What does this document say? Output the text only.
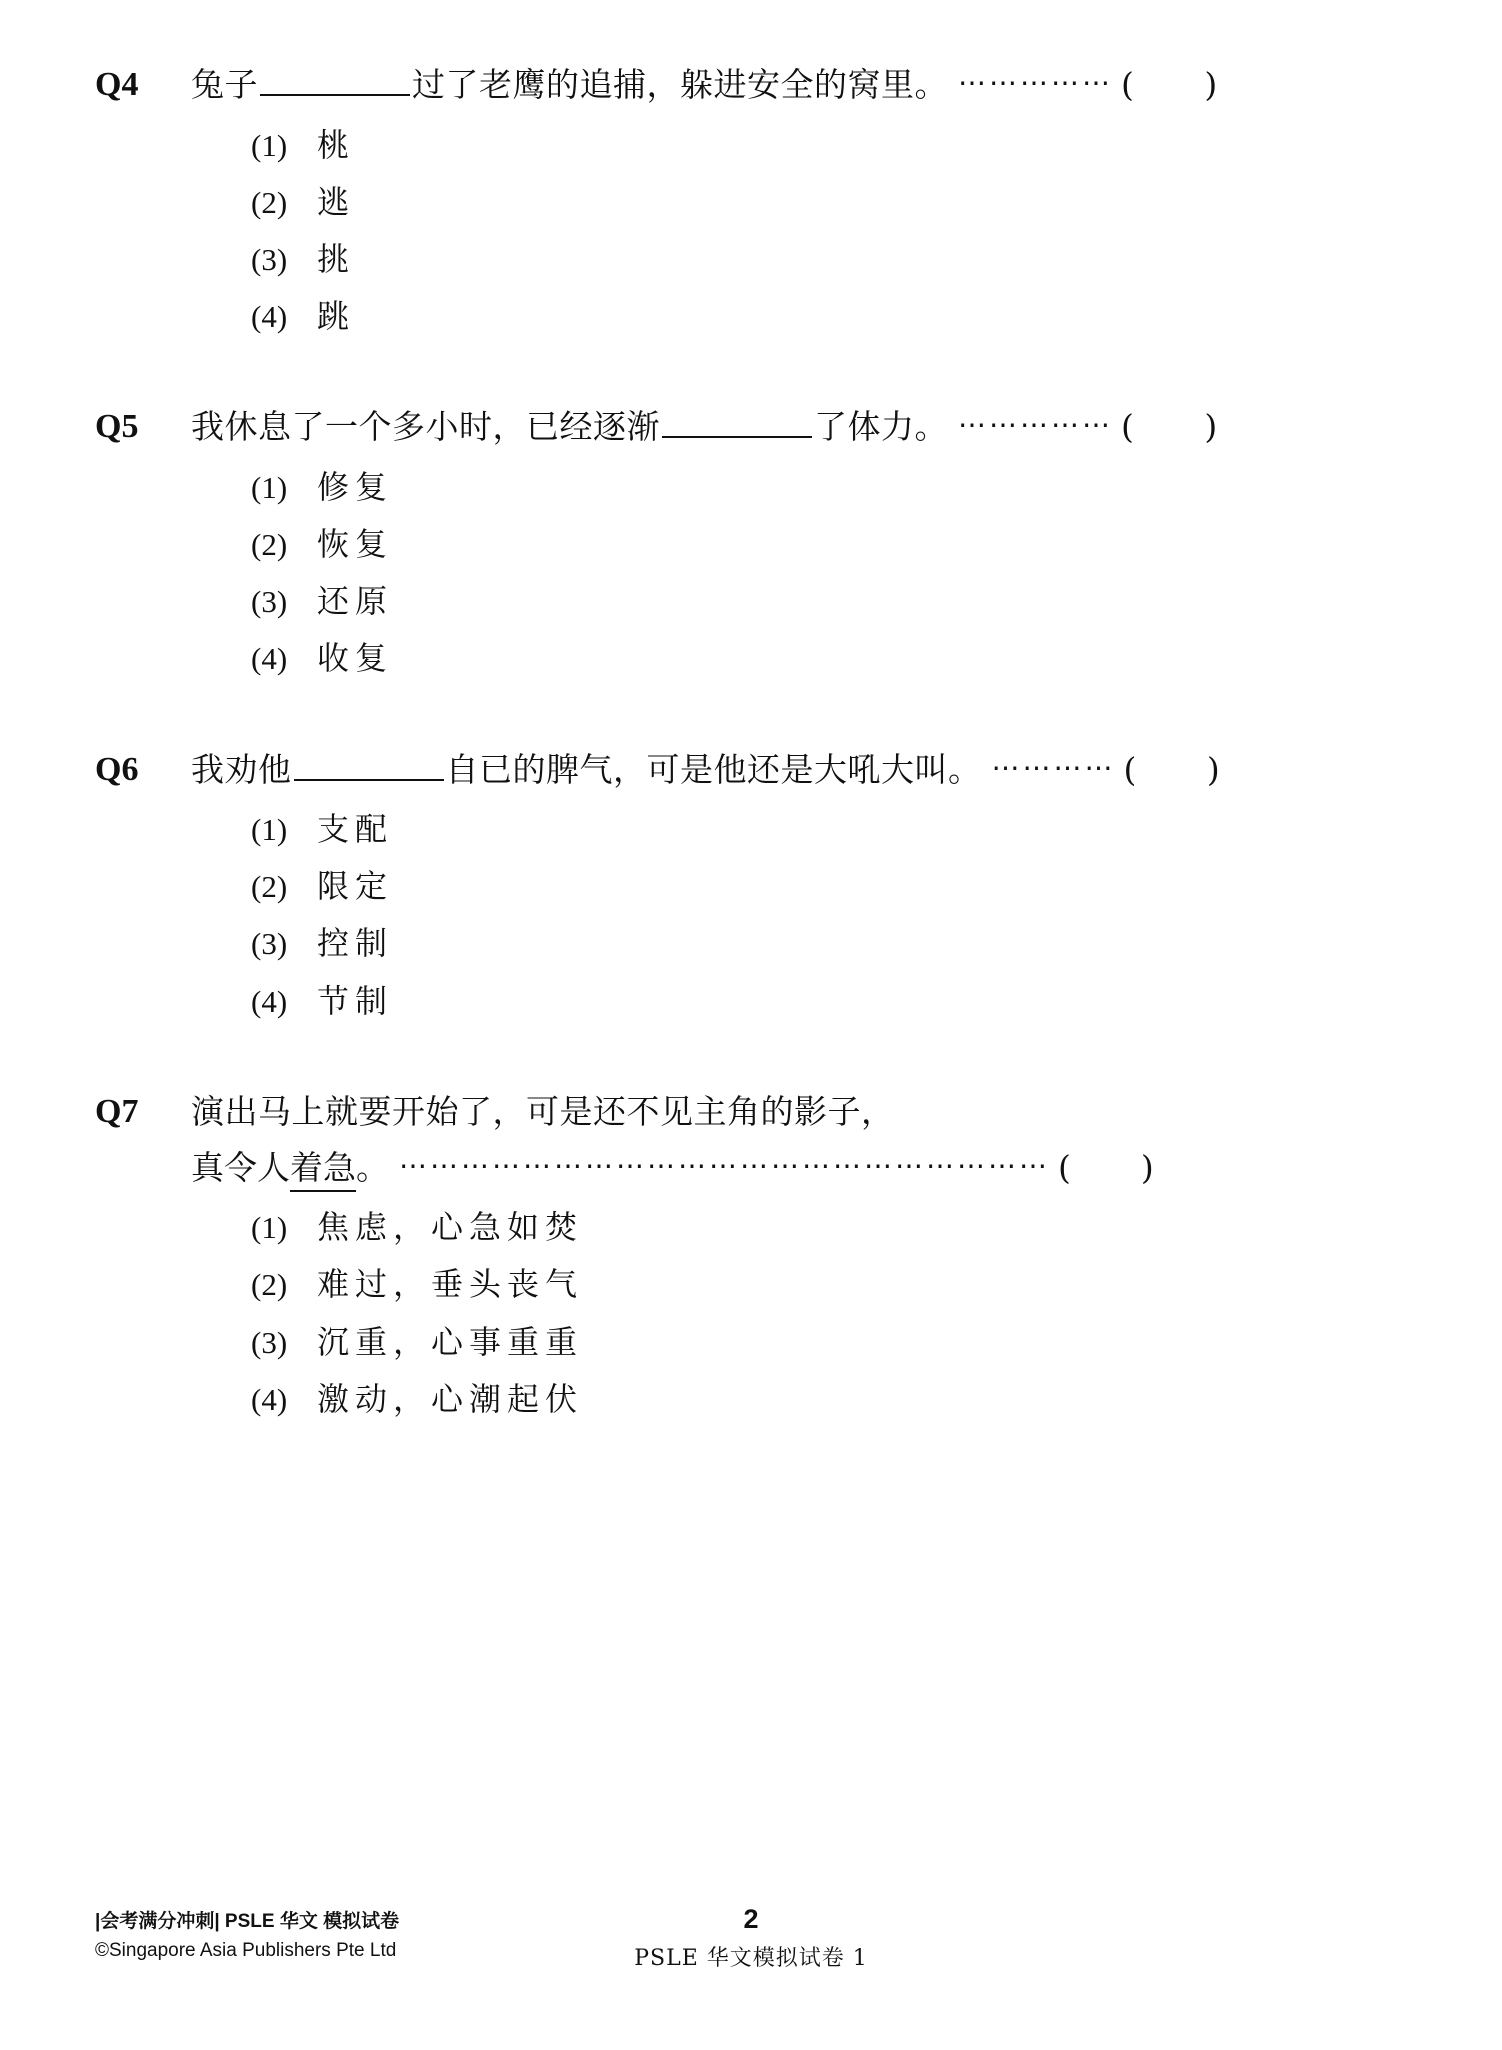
Q4	兔子	过了老鹰的追捕，躲进安全的窝里。 ⋯⋯⋯⋯⋯ ( )
(1) 桃
(2) 逃
(3) 挑
(4) 跳
Q5	我休息了一个多小时，已经逐渐	了体力。 ⋯⋯⋯⋯⋯ ( )
(1) 修复
(2) 恢复
(3) 还原
(4) 收复
Q6	我劝他	自已的脾气，可是他还是大吼大叫。 ⋯⋯⋯⋯ ( )
(1) 支配
(2) 限定
(3) 控制
(4) 节制
Q7	演出马上就要开始了，可是还不见主角的影子，
真令人 着急 。 ⋯⋯⋯⋯⋯⋯⋯⋯⋯⋯⋯⋯⋯⋯⋯⋯⋯⋯⋯⋯⋯ ( )
(1) 焦虑，心急如焚
(2) 难过，垂头丧气
(3) 沉重，心事重重
(4) 激动，心潮起伏
|会考满分冲刺| PSLE 华文 模拟试卷
©Singapore Asia Publishers Pte Ltd
2
PSLE 华文模拟试卷 1
